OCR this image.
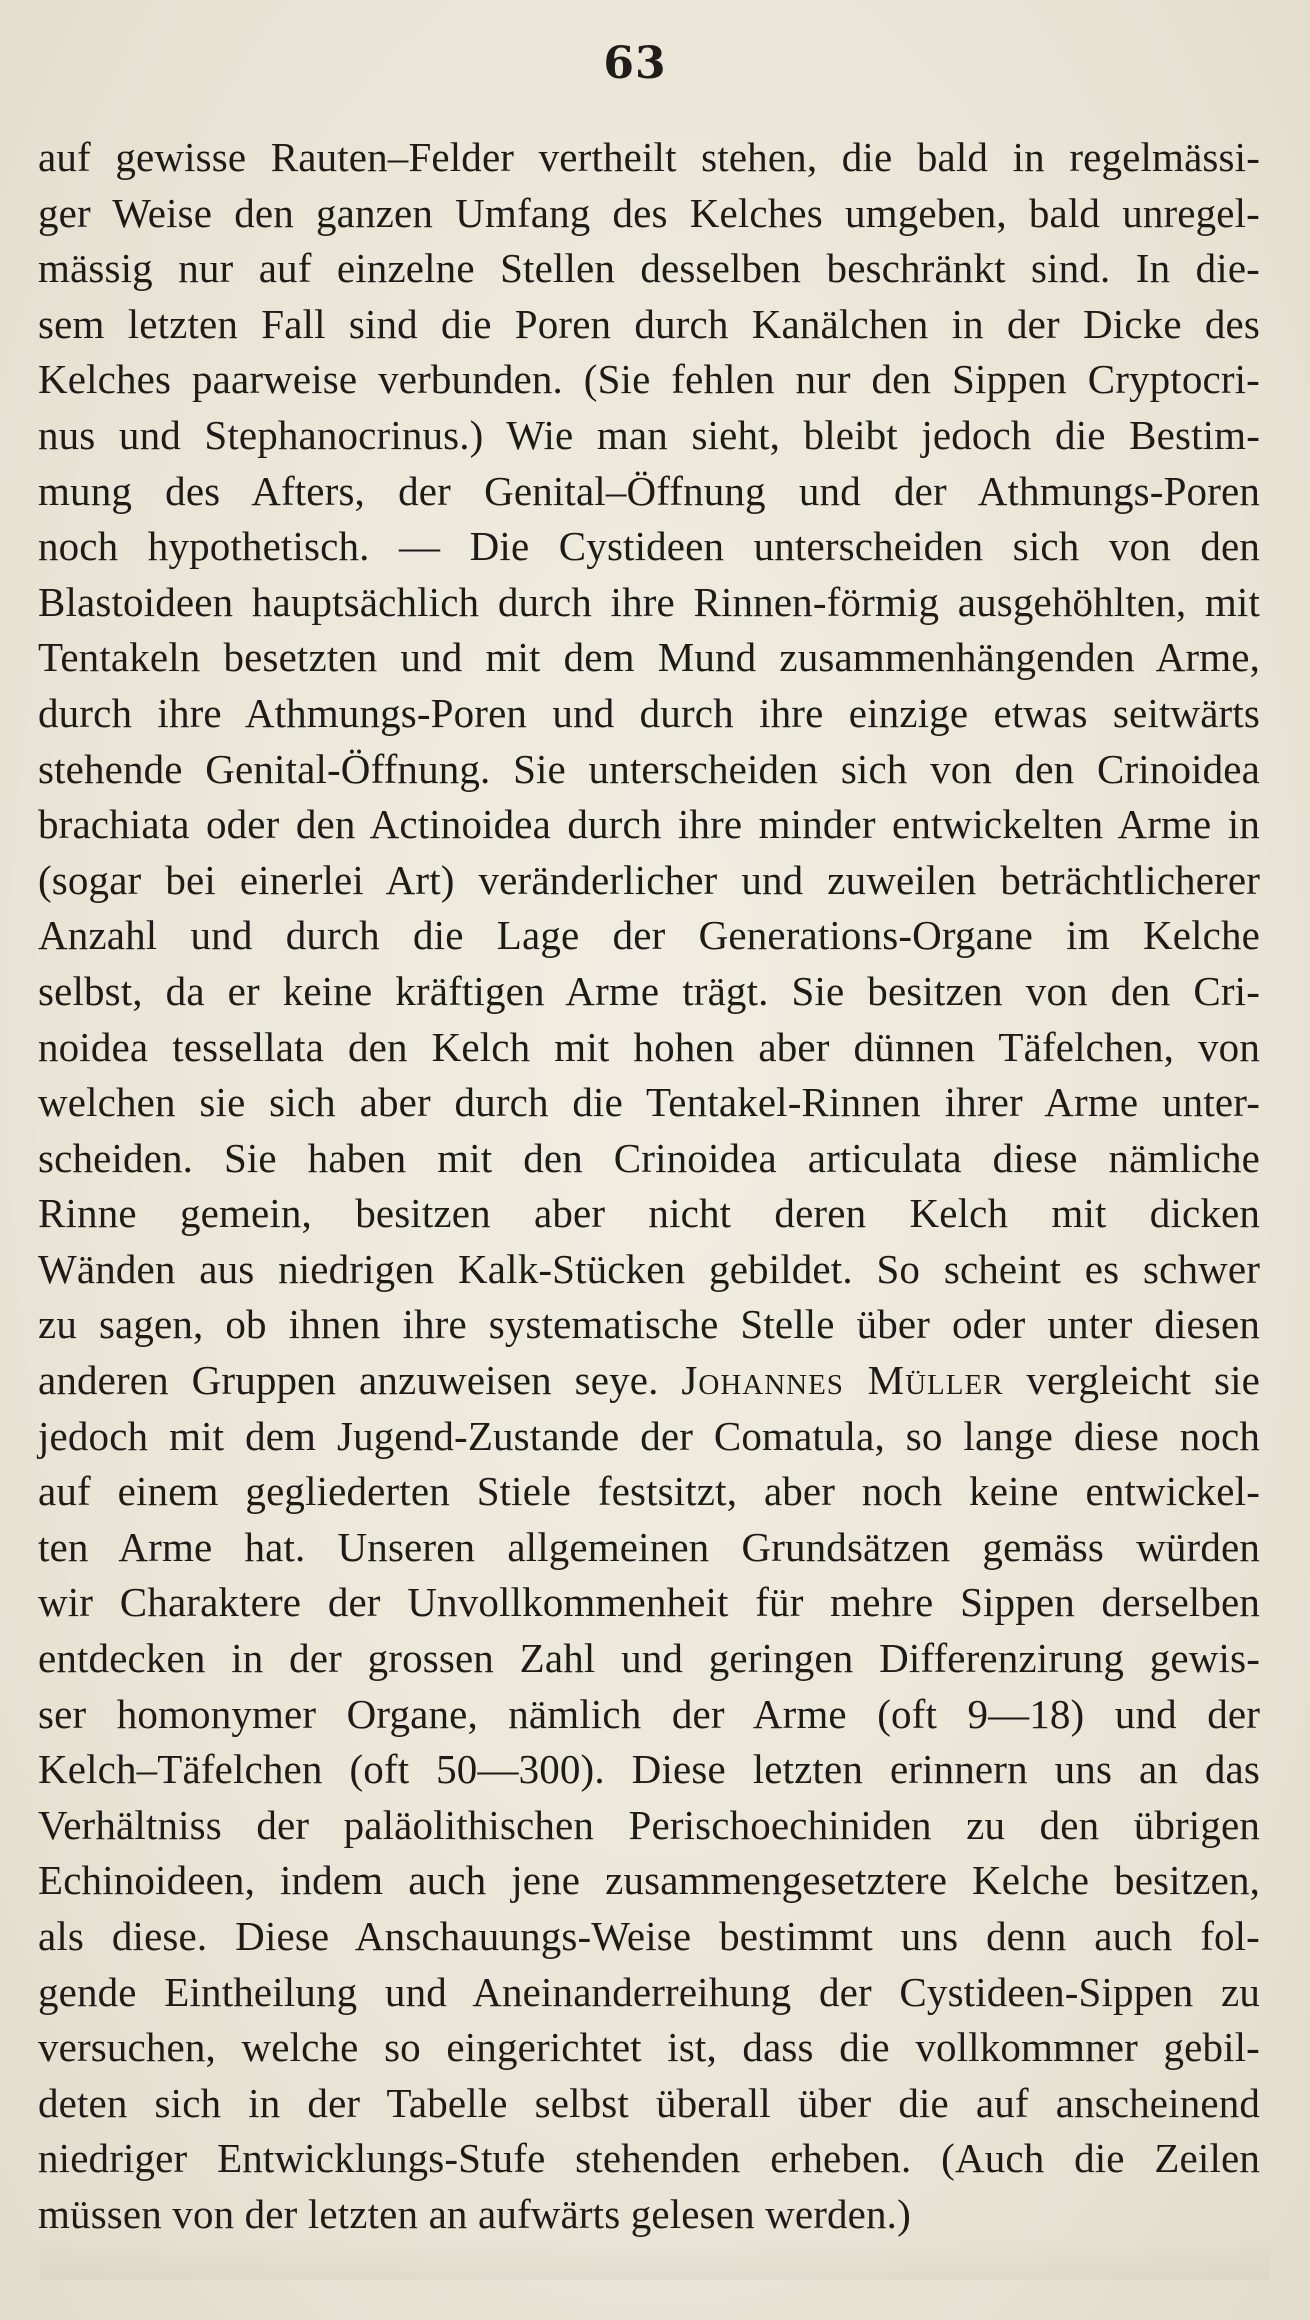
63
auf gewisse Rauten–Felder vertheilt stehen, die bald in regelmässi-
ger Weise den ganzen Umfang des Kelches umgeben, bald unregel-
mässig nur auf einzelne Stellen desselben beschränkt sind. In die-
sem letzten Fall sind die Poren durch Kanälchen in der Dicke des
Kelches paarweise verbunden. (Sie fehlen nur den Sippen Cryptocri-
nus und Stephanocrinus.) Wie man sieht, bleibt jedoch die Bestim-
mung des Afters, der Genital–Öffnung und der Athmungs-Poren
noch hypothetisch. — Die Cystideen unterscheiden sich von den
Blastoideen hauptsächlich durch ihre Rinnen-förmig ausgehöhlten, mit
Tentakeln besetzten und mit dem Mund zusammenhängenden Arme,
durch ihre Athmungs-Poren und durch ihre einzige etwas seitwärts
stehende Genital-Öffnung. Sie unterscheiden sich von den Crinoidea
brachiata oder den Actinoidea durch ihre minder entwickelten Arme in
(sogar bei einerlei Art) veränderlicher und zuweilen beträchtlicherer
Anzahl und durch die Lage der Generations-Organe im Kelche
selbst, da er keine kräftigen Arme trägt. Sie besitzen von den Cri-
noidea tessellata den Kelch mit hohen aber dünnen Täfelchen, von
welchen sie sich aber durch die Tentakel-Rinnen ihrer Arme unter-
scheiden. Sie haben mit den Crinoidea articulata diese nämliche
Rinne gemein, besitzen aber nicht deren Kelch mit dicken
Wänden aus niedrigen Kalk-Stücken gebildet. So scheint es schwer
zu sagen, ob ihnen ihre systematische Stelle über oder unter diesen
anderen Gruppen anzuweisen seye. Johannes Müller vergleicht sie
jedoch mit dem Jugend-Zustande der Comatula, so lange diese noch
auf einem gegliederten Stiele festsitzt, aber noch keine entwickel-
ten Arme hat. Unseren allgemeinen Grundsätzen gemäss würden
wir Charaktere der Unvollkommenheit für mehre Sippen derselben
entdecken in der grossen Zahl und geringen Differenzirung gewis-
ser homonymer Organe, nämlich der Arme (oft 9—18) und der
Kelch–Täfelchen (oft 50—300). Diese letzten erinnern uns an das
Verhältniss der paläolithischen Perischoechiniden zu den übrigen
Echinoideen, indem auch jene zusammengesetztere Kelche besitzen,
als diese. Diese Anschauungs-Weise bestimmt uns denn auch fol-
gende Eintheilung und Aneinanderreihung der Cystideen-Sippen zu
versuchen, welche so eingerichtet ist, dass die vollkommner gebil-
deten sich in der Tabelle selbst überall über die auf anscheinend
niedriger Entwicklungs-Stufe stehenden erheben. (Auch die Zeilen
müssen von der letzten an aufwärts gelesen werden.)
